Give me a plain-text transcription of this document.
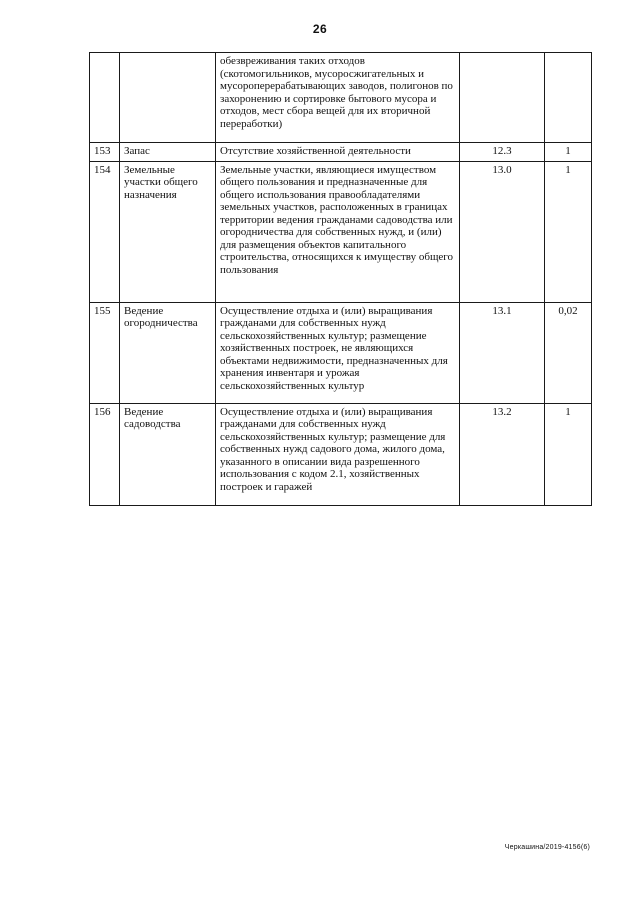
26
		обезвреживания таких отходов (скотомогильников, мусоросжигательных и мусороперерабатывающих заводов, полигонов по захоронению и сортировке бытового мусора и отходов, мест сбора вещей для их вторичной переработки)		
153	Запас	Отсутствие хозяйственной деятельности	12.3	1
154	Земельные участки общего назначения	Земельные участки, являющиеся имуществом общего пользования и предназначенные для общего использования правообладателями земельных участков, расположенных в границах территории ведения гражданами садоводства или огородничества для собственных нужд, и (или) для размещения объектов капитального строительства, относящихся к имуществу общего пользования	13.0	1
155	Ведение огородничества	Осуществление отдыха и (или) выращивания гражданами для собственных нужд сельскохозяйственных культур; размещение хозяйственных построек, не являющихся объектами недвижимости, предназначенных для хранения инвентаря и урожая сельскохозяйственных культур	13.1	0,02
156	Ведение садоводства	Осуществление отдыха и (или) выращивания гражданами для собственных нужд сельскохозяйственных культур; размещение для собственных нужд садового дома, жилого дома, указанного в описании вида разрешенного использования с кодом 2.1, хозяйственных построек и гаражей	13.2	1
Черкашина/2019-4156(6)
